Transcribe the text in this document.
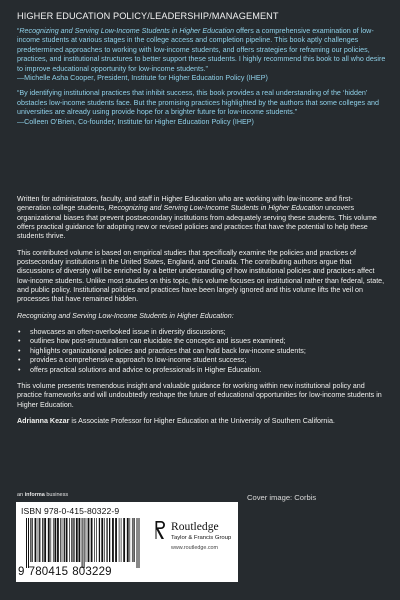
HIGHER EDUCATION POLICY/LEADERSHIP/MANAGEMENT

“Recognizing and Serving Low-Income Students in Higher Education offers a comprehensive examination of low-income students at various stages in the college access and completion pipeline. This book aptly challenges predetermined approaches to working with low-income students, and offers strategies for reframing our policies, practices, and institutional structures to better support these students. I highly recommend this book to all who desire to improve educational opportunity for low-income students.”

—Michelle Asha Cooper, President, Institute for Higher Education Policy (IHEP)

“By identifying institutional practices that inhibit success, this book provides a real understanding of the ‘hidden’ obstacles low-income students face. But the promising practices highlighted by the authors that some colleges and universities are already using provide hope for a brighter future for low-income students.”

—Colleen O’Brien, Co-founder, Institute for Higher Education Policy (IHEP)

Written for administrators, faculty, and staff in Higher Education who are working with low-income and first-generation college students, Recognizing and Serving Low-Income Students in Higher Education uncovers organizational biases that prevent postsecondary institutions from adequately serving these students. This volume offers practical guidance for adopting new or revised policies and practices that have the potential to help these students thrive.

This contributed volume is based on empirical studies that specifically examine the policies and practices of postsecondary institutions in the United States, England, and Canada. The contributing authors argue that discussions of diversity will be enriched by a better understanding of how institutional policies and practices affect low-income students. Unlike most studies on this topic, this volume focuses on institutional rather than federal, state, and public policy. Institutional policies and practices have been largely ignored and this volume lifts the veil on processes that have remained hidden.

Recognizing and Serving Low-Income Students in Higher Education:

• showcases an often-overlooked issue in diversity discussions;
• outlines how post-structuralism can elucidate the concepts and issues examined;
• highlights organizational policies and practices that can hold back low-income students;
• provides a comprehensive approach to low-income student success;
• offers practical solutions and advice to professionals in Higher Education.

This volume presents tremendous insight and valuable guidance for working within new institutional policy and practice frameworks and will undoubtedly reshape the future of educational opportunities for low-income students in Higher Education.

Adrianna Kezar is Associate Professor for Higher Education at the University of Southern California.

an informa business
ISBN 978-0-415-80322-9
9 780415 803229
Routledge
Taylor & Francis Group
www.routledge.com
Cover image: Corbis
